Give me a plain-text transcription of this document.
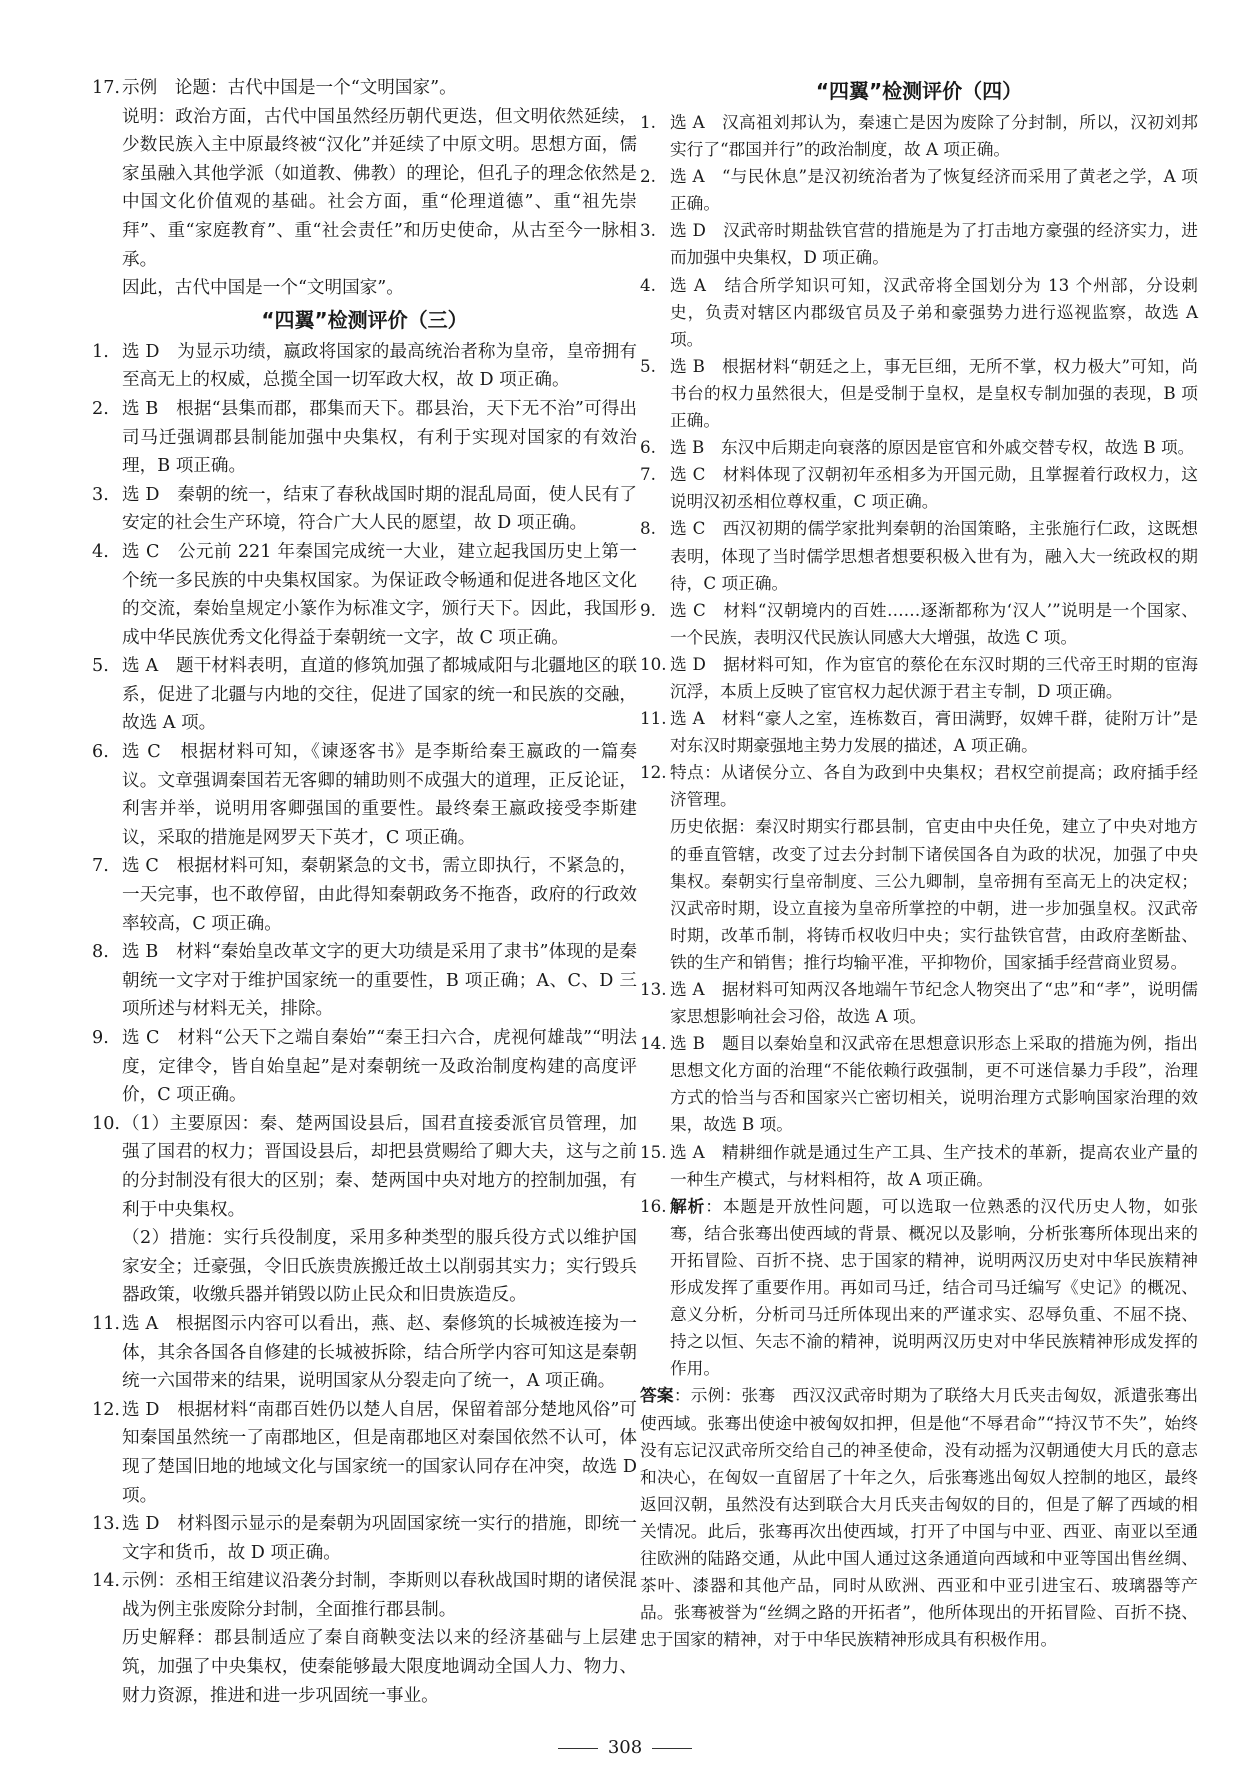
17. 示例　论题：古代中国是一个“文明国家”。
说明：政治方面，古代中国虽然经历朝代更迭，但文明依然延续，少数民族入主中原最终被“汉化”并延续了中原文明。思想方面，儒家虽融入其他学派（如道教、佛教）的理论，但孔子的理念依然是中国文化价值观的基础。社会方面，重“伦理道德”、重“祖先崇拜”、重“家庭教育”、重“社会责任”和历史使命，从古至今一脉相承。
因此，古代中国是一个“文明国家”。
“四翼”检测评价（三）
1. 选 D　为显示功绩，嬴政将国家的最高统治者称为皇帝，皇帝拥有至高无上的权威，总揽全国一切军政大权，故 D 项正确。
2. 选 B　根据“县集而郡，郡集而天下。郡县治，天下无不治”可得出司马迁强调郡县制能加强中央集权，有利于实现对国家的有效治理，B 项正确。
3. 选 D　秦朝的统一，结束了春秋战国时期的混乱局面，使人民有了安定的社会生产环境，符合广大人民的愿望，故 D 项正确。
4. 选 C　公元前 221 年秦国完成统一大业，建立起我国历史上第一个统一多民族的中央集权国家。为保证政令畅通和促进各地区文化的交流，秦始皇规定小篆作为标准文字，颁行天下。因此，我国形成中华民族优秀文化得益于秦朝统一文字，故 C 项正确。
5. 选 A　题干材料表明，直道的修筑加强了都城咸阳与北疆地区的联系，促进了北疆与内地的交往，促进了国家的统一和民族的交融，故选 A 项。
6. 选 C　根据材料可知，《谏逐客书》是李斯给秦王嬴政的一篇奏议。文章强调秦国若无客卿的辅助则不成强大的道理，正反论证，利害并举，说明用客卿强国的重要性。最终秦王嬴政接受李斯建议，采取的措施是网罗天下英才，C 项正确。
7. 选 C　根据材料可知，秦朝紧急的文书，需立即执行，不紧急的，一天完事，也不敢停留，由此得知秦朝政务不拖沓，政府的行政效率较高，C 项正确。
8. 选 B　材料“秦始皇改革文字的更大功绩是采用了隶书”体现的是秦朝统一文字对于维护国家统一的重要性，B 项正确；A、C、D 三项所述与材料无关，排除。
9. 选 C　材料“公天下之端自秦始”“秦王扫六合，虎视何雄哉”“明法度，定律令，皆自始皇起”是对秦朝统一及政治制度构建的高度评价，C 项正确。
10. （1）主要原因：秦、楚两国设县后，国君直接委派官员管理，加强了国君的权力；晋国设县后，却把县赏赐给了卿大夫，这与之前的分封制没有很大的区别；秦、楚两国中央对地方的控制加强，有利于中央集权。
（2）措施：实行兵役制度，采用多种类型的服兵役方式以维护国家安全；迁豪强，令旧氏族贵族搬迁故土以削弱其实力；实行毁兵器政策，收缴兵器并销毁以防止民众和旧贵族造反。
11. 选 A　根据图示内容可以看出，燕、赵、秦修筑的长城被连接为一体，其余各国各自修建的长城被拆除，结合所学内容可知这是秦朝统一六国带来的结果，说明国家从分裂走向了统一，A 项正确。
12. 选 D　根据材料“南郡百姓仍以楚人自居，保留着部分楚地风俗”可知秦国虽然统一了南郡地区，但是南郡地区对秦国依然不认可，体现了楚国旧地的地域文化与国家统一的国家认同存在冲突，故选 D 项。
13. 选 D　材料图示显示的是秦朝为巩固国家统一实行的措施，即统一文字和货币，故 D 项正确。
14. 示例：丞相王绾建议沿袭分封制，李斯则以春秋战国时期的诸侯混战为例主张废除分封制，全面推行郡县制。
历史解释：郡县制适应了秦自商鞅变法以来的经济基础与上层建筑，加强了中央集权，使秦能够最大限度地调动全国人力、物力、财力资源，推进和进一步巩固统一事业。
“四翼”检测评价（四）
1. 选 A　汉高祖刘邦认为，秦速亡是因为废除了分封制，所以，汉初刘邦实行了“郡国并行”的政治制度，故 A 项正确。
2. 选 A　“与民休息”是汉初统治者为了恢复经济而采用了黄老之学，A 项正确。
3. 选 D　汉武帝时期盐铁官营的措施是为了打击地方豪强的经济实力，进而加强中央集权，D 项正确。
4. 选 A　结合所学知识可知，汉武帝将全国划分为 13 个州部，分设刺史，负责对辖区内郡级官员及子弟和豪强势力进行巡视监察，故选 A 项。
5. 选 B　根据材料“朝廷之上，事无巨细，无所不掌，权力极大”可知，尚书台的权力虽然很大，但是受制于皇权，是皇权专制加强的表现，B 项正确。
6. 选 B　东汉中后期走向衰落的原因是宦官和外戚交替专权，故选 B 项。
7. 选 C　材料体现了汉朝初年丞相多为开国元勋，且掌握着行政权力，这说明汉初丞相位尊权重，C 项正确。
8. 选 C　西汉初期的儒学家批判秦朝的治国策略，主张施行仁政，这既想表明，体现了当时儒学思想者想要积极入世有为，融入大一统政权的期待，C 项正确。
9. 选 C　材料“汉朝境内的百姓……逐渐都称为‘汉人’”说明是一个国家、一个民族，表明汉代民族认同感大大增强，故选 C 项。
10. 选 D　据材料可知，作为宦官的蔡伦在东汉时期的三代帝王时期的宦海沉浮，本质上反映了宦官权力起伏源于君主专制，D 项正确。
11. 选 A　材料“豪人之室，连栋数百，膏田满野，奴婢千群，徒附万计”是对东汉时期豪强地主势力发展的描述，A 项正确。
12. 特点：从诸侯分立、各自为政到中央集权；君权空前提高；政府插手经济管理。
历史依据：秦汉时期实行郡县制，官吏由中央任免，建立了中央对地方的垂直管辖，改变了过去分封制下诸侯国各自为政的状况，加强了中央集权。秦朝实行皇帝制度、三公九卿制，皇帝拥有至高无上的决定权；汉武帝时期，设立直接为皇帝所掌控的中朝，进一步加强皇权。汉武帝时期，改革币制，将铸币权收归中央；实行盐铁官营，由政府垄断盐、铁的生产和销售；推行均输平准，平抑物价，国家插手经营商业贸易。
13. 选 A　据材料可知两汉各地端午节纪念人物突出了“忠”和“孝”，说明儒家思想影响社会习俗，故选 A 项。
14. 选 B　题目以秦始皇和汉武帝在思想意识形态上采取的措施为例，指出思想文化方面的治理“不能依赖行政强制，更不可迷信暴力手段”，治理方式的恰当与否和国家兴亡密切相关，说明治理方式影响国家治理的效果，故选 B 项。
15. 选 A　精耕细作就是通过生产工具、生产技术的革新，提高农业产量的一种生产模式，与材料相符，故 A 项正确。
16. 解析：本题是开放性问题，可以选取一位熟悉的汉代历史人物，如张骞，结合张骞出使西域的背景、概况以及影响，分析张骞所体现出来的开拓冒险、百折不挠、忠于国家的精神，说明两汉历史对中华民族精神形成发挥了重要作用。再如司马迁，结合司马迁编写《史记》的概况、意义分析，分析司马迁所体现出来的严谨求实、忍辱负重、不屈不挠、持之以恒、矢志不渝的精神，说明两汉历史对中华民族精神形成发挥的作用。
答案：示例：张骞　西汉汉武帝时期为了联络大月氏夹击匈奴，派遣张骞出使西域。张骞出使途中被匈奴扣押，但是他“不辱君命”“持汉节不失”，始终没有忘记汉武帝所交给自己的神圣使命，没有动摇为汉朝通使大月氏的意志和决心，在匈奴一直留居了十年之久，后张骞逃出匈奴人控制的地区，最终返回汉朝，虽然没有达到联合大月氏夹击匈奴的目的，但是了解了西域的相关情况。此后，张骞再次出使西域，打开了中国与中亚、西亚、南亚以至通往欧洲的陆路交通，从此中国人通过这条通道向西域和中亚等国出售丝绸、茶叶、漆器和其他产品，同时从欧洲、西亚和中亚引进宝石、玻璃器等产品。张骞被誉为“丝绸之路的开拓者”，他所体现出的开拓冒险、百折不挠、忠于国家的精神，对于中华民族精神形成具有积极作用。
308
